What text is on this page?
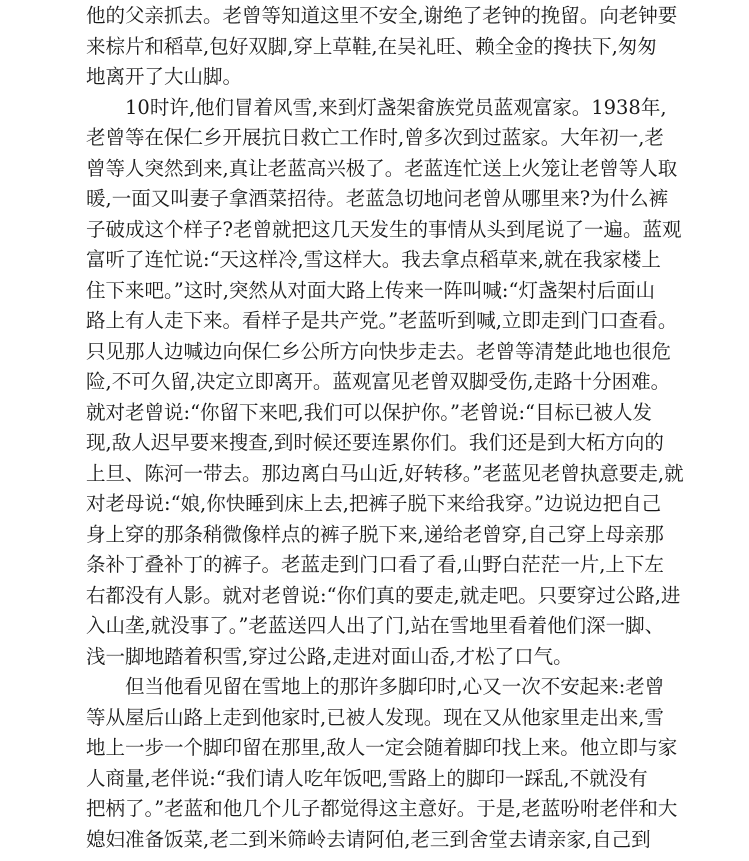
他的父亲抓去。老曾等知道这里不安全,谢绝了老钟的挽留。向老钟要
来棕片和稻草,包好双脚,穿上草鞋,在吴礼旺、赖全金的搀扶下,匆匆
地离开了大山脚。
10时许,他们冒着风雪,来到灯盏架畲族党员蓝观富家。1938年,
老曾等在保仁乡开展抗日救亡工作时,曾多次到过蓝家。大年初一,老
曾等人突然到来,真让老蓝高兴极了。老蓝连忙送上火笼让老曾等人取
暖,一面又叫妻子拿酒菜招待。老蓝急切地问老曾从哪里来?为什么裤
子破成这个样子?老曾就把这几天发生的事情从头到尾说了一遍。蓝观
富听了连忙说:“天这样冷,雪这样大。我去拿点稻草来,就在我家楼上
住下来吧。”这时,突然从对面大路上传来一阵叫喊:“灯盏架村后面山
路上有人走下来。看样子是共产党。”老蓝听到喊,立即走到门口查看。
只见那人边喊边向保仁乡公所方向快步走去。老曾等清楚此地也很危
险,不可久留,决定立即离开。蓝观富见老曾双脚受伤,走路十分困难。
就对老曾说:“你留下来吧,我们可以保护你。”老曾说:“目标已被人发
现,敌人迟早要来搜查,到时候还要连累你们。我们还是到大柘方向的
上旦、陈河一带去。那边离白马山近,好转移。”老蓝见老曾执意要走,就
对老母说:“娘,你快睡到床上去,把裤子脱下来给我穿。”边说边把自己
身上穿的那条稍微像样点的裤子脱下来,递给老曾穿,自己穿上母亲那
条补丁叠补丁的裤子。老蓝走到门口看了看,山野白茫茫一片,上下左
右都没有人影。就对老曾说:“你们真的要走,就走吧。只要穿过公路,进
入山垄,就没事了。”老蓝送四人出了门,站在雪地里看着他们深一脚、
浅一脚地踏着积雪,穿过公路,走进对面山岙,才松了口气。
但当他看见留在雪地上的那许多脚印时,心又一次不安起来:老曾
等从屋后山路上走到他家时,已被人发现。现在又从他家里走出来,雪
地上一步一个脚印留在那里,敌人一定会随着脚印找上来。他立即与家
人商量,老伴说:“我们请人吃年饭吧,雪路上的脚印一踩乱,不就没有
把柄了。”老蓝和他几个儿子都觉得这主意好。于是,老蓝吩咐老伴和大
媳妇准备饭菜,老二到米筛岭去请阿伯,老三到舍堂去请亲家,自己到
